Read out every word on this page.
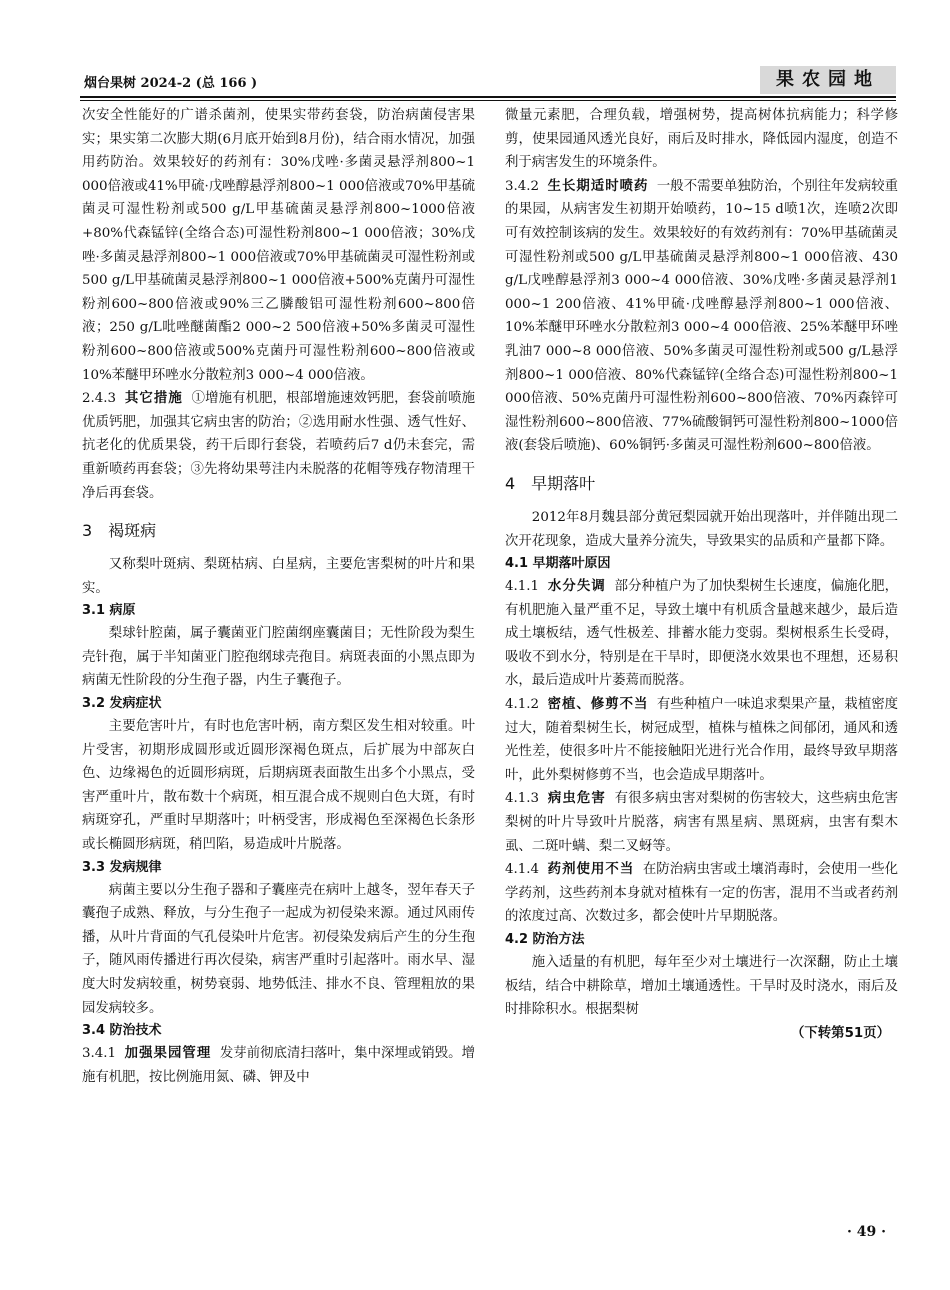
烟台果树 2024-2 (总 166 )	果农园地

次安全性能好的广谱杀菌剂，使果实带药套袋，防治病菌侵害果实；果实第二次膨大期(6月底开始到8月份)，结合雨水情况，加强用药防治。效果较好的药剂有：30%戊唑·多菌灵悬浮剂800~1 000倍液或41%甲硫·戊唑醇悬浮剂800~1 000倍液或70%甲基硫菌灵可湿性粉剂或500 g/L甲基硫菌灵悬浮剂800~1000倍液+80%代森锰锌(全络合态)可湿性粉剂800~1 000倍液；30%戊唑·多菌灵悬浮剂800~1 000倍液或70%甲基硫菌灵可湿性粉剂或500 g/L甲基硫菌灵悬浮剂800~1 000倍液+500%克菌丹可湿性粉剂600~800倍液或90%三乙膦酸铝可湿性粉剂600~800倍液；250 g/L吡唑醚菌酯2 000~2 500倍液+50%多菌灵可湿性粉剂600~800倍液或500%克菌丹可湿性粉剂600~800倍液或10%苯醚甲环唑水分散粒剂3 000~4 000倍液。

2.4.3 其它措施 ①增施有机肥，根部增施速效钙肥，套袋前喷施优质钙肥，加强其它病虫害的防治；②选用耐水性强、透气性好、抗老化的优质果袋，药干后即行套袋，若喷药后7 d仍未套完，需重新喷药再套袋；③先将幼果萼洼内未脱落的花帽等残存物清理干净后再套袋。

3　褐斑病

又称梨叶斑病、梨斑枯病、白星病，主要危害梨树的叶片和果实。

3.1 病原

梨球针腔菌，属子囊菌亚门腔菌纲座囊菌目；无性阶段为梨生壳针孢，属于半知菌亚门腔孢纲球壳孢目。病斑表面的小黑点即为病菌无性阶段的分生孢子器，内生子囊孢子。

3.2 发病症状

主要危害叶片，有时也危害叶柄，南方梨区发生相对较重。叶片受害，初期形成圆形或近圆形深褐色斑点，后扩展为中部灰白色、边缘褐色的近圆形病斑，后期病斑表面散生出多个小黑点，受害严重叶片，散布数十个病斑，相互混合成不规则白色大斑，有时病斑穿孔，严重时早期落叶；叶柄受害，形成褐色至深褐色长条形或长椭圆形病斑，稍凹陷，易造成叶片脱落。

3.3 发病规律

病菌主要以分生孢子器和子囊座壳在病叶上越冬，翌年春天子囊孢子成熟、释放，与分生孢子一起成为初侵染来源。通过风雨传播，从叶片背面的气孔侵染叶片危害。初侵染发病后产生的分生孢子，随风雨传播进行再次侵染，病害严重时引起落叶。雨水早、湿度大时发病较重，树势衰弱、地势低洼、排水不良、管理粗放的果园发病较多。

3.4 防治技术

3.4.1 加强果园管理 发芽前彻底清扫落叶，集中深埋或销毁。增施有机肥，按比例施用氮、磷、钾及中

微量元素肥，合理负载，增强树势，提高树体抗病能力；科学修剪，使果园通风透光良好，雨后及时排水，降低园内湿度，创造不利于病害发生的环境条件。

3.4.2 生长期适时喷药 一般不需要单独防治，个别往年发病较重的果园，从病害发生初期开始喷药，10~15 d喷1次，连喷2次即可有效控制该病的发生。效果较好的有效药剂有：70%甲基硫菌灵可湿性粉剂或500 g/L甲基硫菌灵悬浮剂800~1 000倍液、430 g/L戊唑醇悬浮剂3 000~4 000倍液、30%戊唑·多菌灵悬浮剂1 000~1 200倍液、41%甲硫·戊唑醇悬浮剂800~1 000倍液、10%苯醚甲环唑水分散粒剂3 000~4 000倍液、25%苯醚甲环唑乳油7 000~8 000倍液、50%多菌灵可湿性粉剂或500 g/L悬浮剂800~1 000倍液、80%代森锰锌(全络合态)可湿性粉剂800~1 000倍液、50%克菌丹可湿性粉剂600~800倍液、70%丙森锌可湿性粉剂600~800倍液、77%硫酸铜钙可湿性粉剂800~1000倍液(套袋后喷施)、60%铜钙·多菌灵可湿性粉剂600~800倍液。

4　早期落叶

2012年8月魏县部分黄冠梨园就开始出现落叶，并伴随出现二次开花现象，造成大量养分流失，导致果实的品质和产量都下降。

4.1 早期落叶原因

4.1.1 水分失调 部分种植户为了加快梨树生长速度，偏施化肥，有机肥施入量严重不足，导致土壤中有机质含量越来越少，最后造成土壤板结，透气性极差、排蓄水能力变弱。梨树根系生长受碍，吸收不到水分，特别是在干旱时，即便浇水效果也不理想，还易积水，最后造成叶片萎蔫而脱落。

4.1.2 密植、修剪不当 有些种植户一味追求梨果产量，栽植密度过大，随着梨树生长，树冠成型，植株与植株之间郁闭，通风和透光性差，使很多叶片不能接触阳光进行光合作用，最终导致早期落叶，此外梨树修剪不当，也会造成早期落叶。

4.1.3 病虫危害 有很多病虫害对梨树的伤害较大，这些病虫危害梨树的叶片导致叶片脱落，病害有黑星病、黑斑病，虫害有梨木虱、二斑叶螨、梨二叉蚜等。

4.1.4 药剂使用不当 在防治病虫害或土壤消毒时，会使用一些化学药剂，这些药剂本身就对植株有一定的伤害，混用不当或者药剂的浓度过高、次数过多，都会使叶片早期脱落。

4.2 防治方法

施入适量的有机肥，每年至少对土壤进行一次深翻，防止土壤板结，结合中耕除草，增加土壤通透性。干旱时及时浇水，雨后及时排除积水。根据梨树

（下转第51页）

· 49 ·
